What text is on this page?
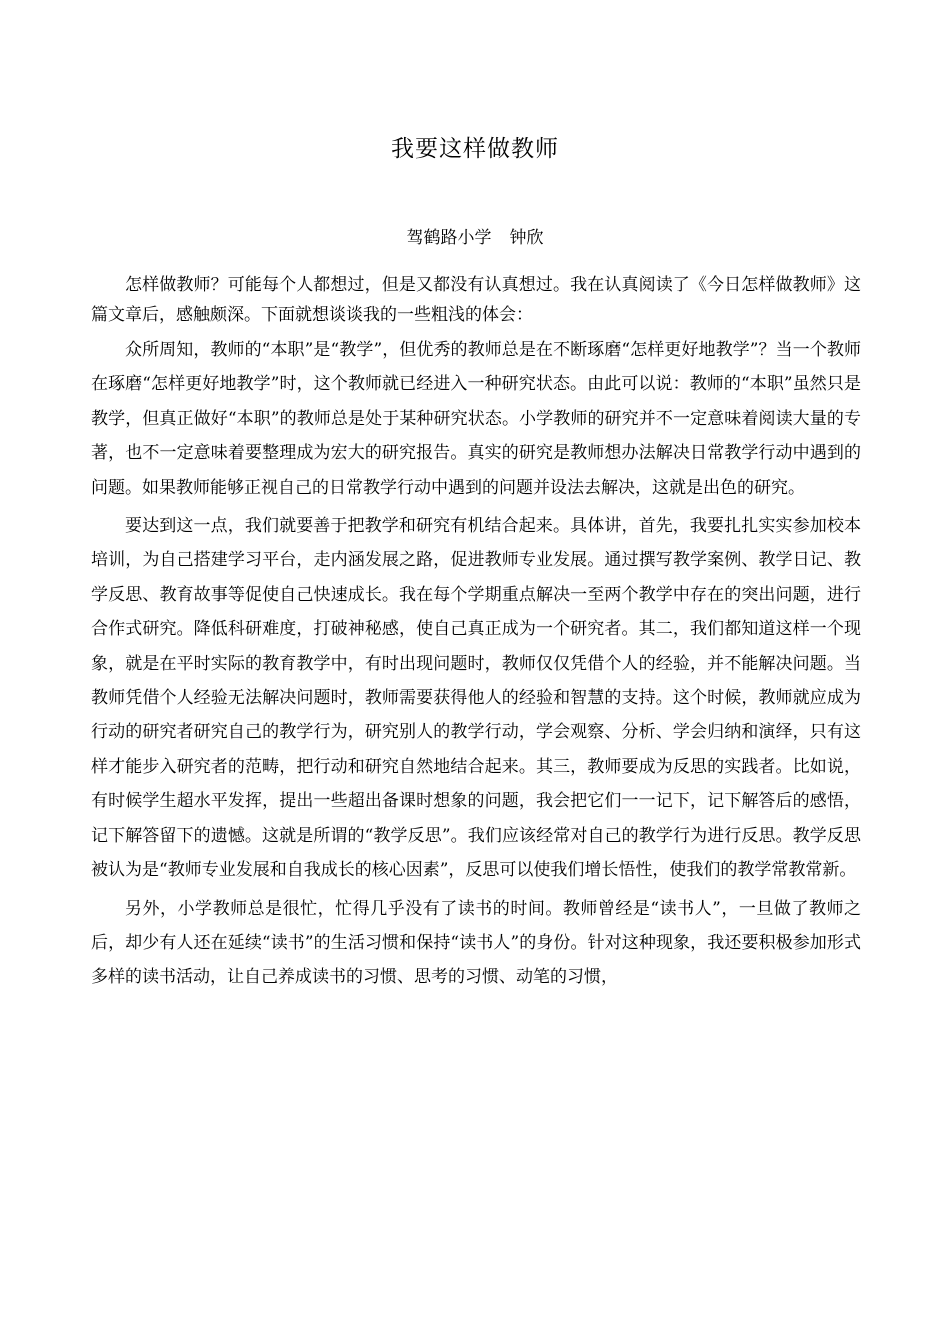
我要这样做教师
驾鹤路小学 钟欣

怎样做教师？可能每个人都想过，但是又都没有认真想过。我在认真阅读了《今日怎样做教师》这篇文章后，感触颇深。下面就想谈谈我的一些粗浅的体会：

众所周知，教师的“本职”是“教学”，但优秀的教师总是在不断琢磨“怎样更好地教学”？当一个教师在琢磨“怎样更好地教学”时，这个教师就已经进入一种研究状态。由此可以说：教师的“本职”虽然只是教学，但真正做好“本职”的教师总是处于某种研究状态。小学教师的研究并不一定意味着阅读大量的专著，也不一定意味着要整理成为宏大的研究报告。真实的研究是教师想办法解决日常教学行动中遇到的问题。如果教师能够正视自己的日常教学行动中遇到的问题并设法去解决，这就是出色的研究。

要达到这一点，我们就要善于把教学和研究有机结合起来。具体讲，首先，我要扎扎实实参加校本培训，为自己搭建学习平台，走内涵发展之路，促进教师专业发展。通过撰写教学案例、教学日记、教学反思、教育故事等促使自己快速成长。我在每个学期重点解决一至两个教学中存在的突出问题，进行合作式研究。降低科研难度，打破神秘感，使自己真正成为一个研究者。其二，我们都知道这样一个现象，就是在平时实际的教育教学中，有时出现问题时，教师仅仅凭借个人的经验，并不能解决问题。当教师凭借个人经验无法解决问题时，教师需要获得他人的经验和智慧的支持。这个时候，教师就应成为行动的研究者研究自己的教学行为，研究别人的教学行动，学会观察、分析、学会归纳和演绎，只有这样才能步入研究者的范畴，把行动和研究自然地结合起来。其三，教师要成为反思的实践者。比如说，有时候学生超水平发挥，提出一些超出备课时想象的问题，我会把它们一一记下，记下解答后的感悟，记下解答留下的遗憾。这就是所谓的“教学反思”。我们应该经常对自己的教学行为进行反思。教学反思被认为是“教师专业发展和自我成长的核心因素”，反思可以使我们增长悟性，使我们的教学常教常新。

另外，小学教师总是很忙，忙得几乎没有了读书的时间。教师曾经是“读书人”，一旦做了教师之后，却少有人还在延续“读书”的生活习惯和保持“读书人”的身份。针对这种现象，我还要积极参加形式多样的读书活动，让自己养成读书的习惯、思考的习惯、动笔的习惯，
